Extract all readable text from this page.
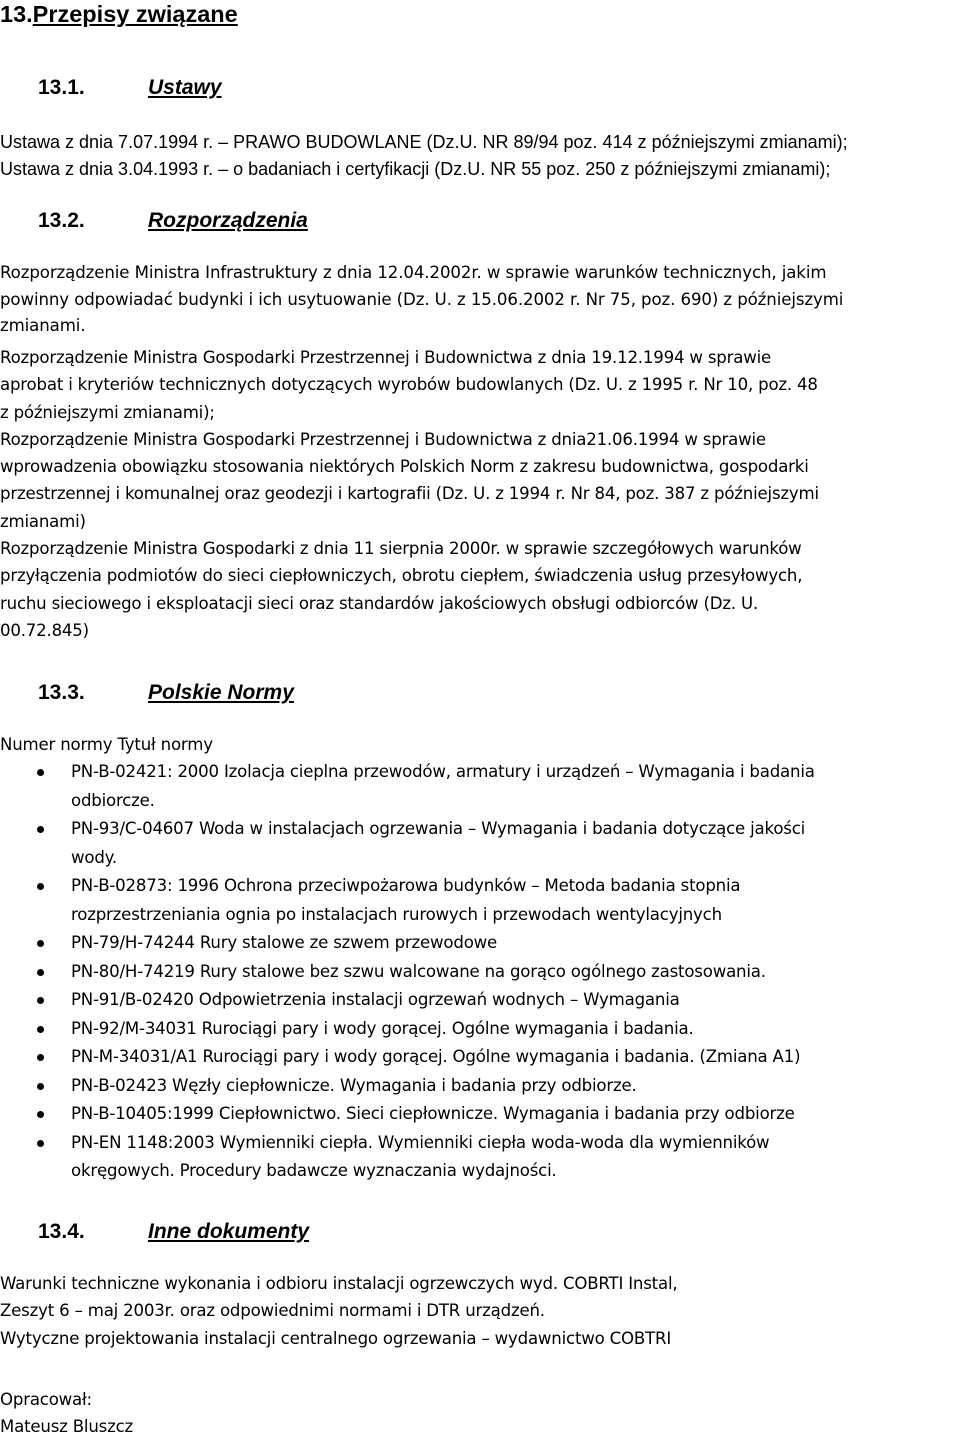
13.Przepisy związane
13.1.	Ustawy
Ustawa z dnia 7.07.1994 r. – PRAWO BUDOWLANE (Dz.U. NR 89/94 poz. 414 z późniejszymi zmianami);
Ustawa z dnia 3.04.1993 r. – o badaniach i certyfikacji (Dz.U. NR 55 poz. 250 z późniejszymi zmianami);
13.2.	Rozporządzenia
Rozporządzenie Ministra Infrastruktury z dnia 12.04.2002r. w sprawie warunków technicznych, jakim
powinny odpowiadać budynki i ich usytuowanie (Dz. U. z 15.06.2002 r. Nr 75, poz. 690) z późniejszymi
zmianami.
Rozporządzenie Ministra Gospodarki Przestrzennej i Budownictwa z dnia 19.12.1994 w sprawie
aprobat i kryteriów technicznych dotyczących wyrobów budowlanych (Dz. U. z 1995 r. Nr 10, poz. 48
z późniejszymi zmianami);
Rozporządzenie Ministra Gospodarki Przestrzennej i Budownictwa z dnia21.06.1994 w sprawie
wprowadzenia obowiązku stosowania niektórych Polskich Norm z zakresu budownictwa, gospodarki
przestrzennej i komunalnej oraz geodezji i kartografii (Dz. U. z 1994 r. Nr 84, poz. 387 z późniejszymi
zmianami)
Rozporządzenie Ministra Gospodarki z dnia 11 sierpnia 2000r. w sprawie szczegółowych warunków
przyłączenia podmiotów do sieci ciepłowniczych, obrotu ciepłem, świadczenia usług przesyłowych,
ruchu sieciowego i eksploatacji sieci oraz standardów jakościowych obsługi odbiorców (Dz. U.
00.72.845)
13.3.	Polskie Normy
Numer normy Tytuł normy
PN-B-02421: 2000 Izolacja cieplna przewodów, armatury i urządzeń – Wymagania i badania
odbiorcze.
PN-93/C-04607 Woda w instalacjach ogrzewania – Wymagania i badania dotyczące jakości
wody.
PN-B-02873: 1996 Ochrona przeciwpożarowa budynków – Metoda badania stopnia
rozprzestrzeniania ognia po instalacjach rurowych i przewodach wentylacyjnych
PN-79/H-74244 Rury stalowe ze szwem przewodowe
PN-80/H-74219 Rury stalowe bez szwu walcowane na gorąco ogólnego zastosowania.
PN-91/B-02420 Odpowietrzenia instalacji ogrzewań wodnych – Wymagania
PN-92/M-34031 Rurociągi pary i wody gorącej. Ogólne wymagania i badania.
PN-M-34031/A1 Rurociągi pary i wody gorącej. Ogólne wymagania i badania. (Zmiana A1)
PN-B-02423 Węzły ciepłownicze. Wymagania i badania przy odbiorze.
PN-B-10405:1999 Ciepłownictwo. Sieci ciepłownicze. Wymagania i badania przy odbiorze
PN-EN 1148:2003 Wymienniki ciepła. Wymienniki ciepła woda-woda dla wymienników
okręgowych. Procedury badawcze wyznaczania wydajności.
13.4.	Inne dokumenty
Warunki techniczne wykonania i odbioru instalacji ogrzewczych wyd. COBRTI Instal,
Zeszyt 6 – maj 2003r. oraz odpowiednimi normami i DTR urządzeń.
Wytyczne projektowania instalacji centralnego ogrzewania – wydawnictwo COBTRI
Opracował:
Mateusz Bluszcz
